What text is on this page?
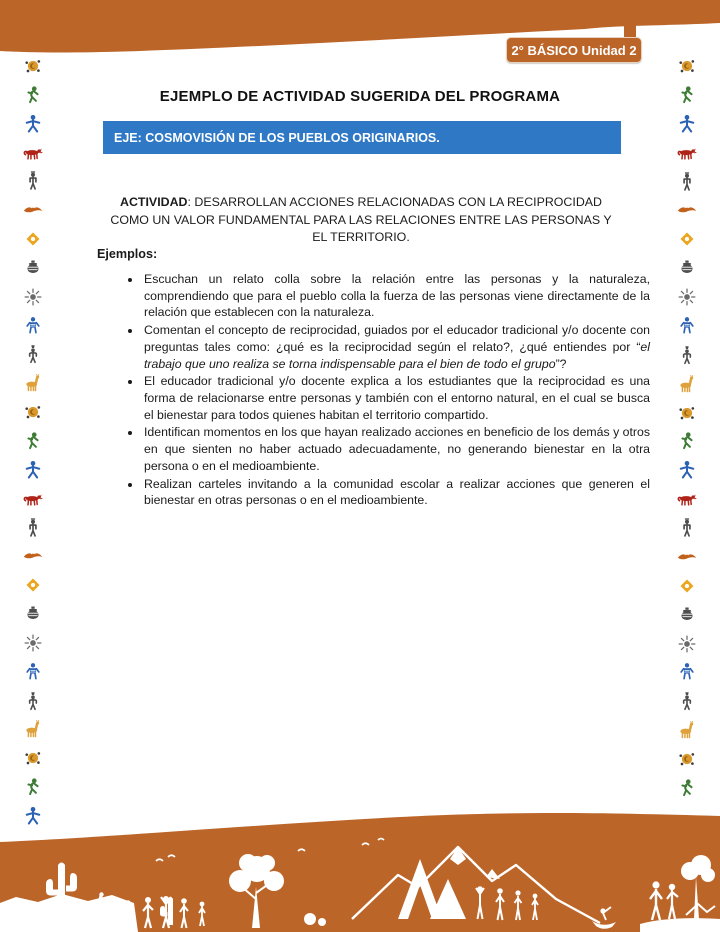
2° BÁSICO Unidad 2
EJEMPLO DE ACTIVIDAD SUGERIDA DEL PROGRAMA
EJE: COSMOVISIÓN DE LOS PUEBLOS ORIGINARIOS.
ACTIVIDAD: DESARROLLAN ACCIONES RELACIONADAS CON LA RECIPROCIDAD COMO UN VALOR FUNDAMENTAL PARA LAS RELACIONES ENTRE LAS PERSONAS Y EL TERRITORIO.
Ejemplos:
• Escuchan un relato colla sobre la relación entre las personas y la naturaleza, comprendiendo que para el pueblo colla la fuerza de las personas viene directamente de la relación que establecen con la naturaleza.
• Comentan el concepto de reciprocidad, guiados por el educador tradicional y/o docente con preguntas tales como: ¿qué es la reciprocidad según el relato?, ¿qué entiendes por “el trabajo que uno realiza se torna indispensable para el bien de todo el grupo”?
• El educador tradicional y/o docente explica a los estudiantes que la reciprocidad es una forma de relacionarse entre personas y también con el entorno natural, en el cual se busca el bienestar para todos quienes habitan el territorio compartido.
• Identifican momentos en los que hayan realizado acciones en beneficio de los demás y otros en que sienten no haber actuado adecuadamente, no generando bienestar en la otra persona o en el medioambiente.
• Realizan carteles invitando a la comunidad escolar a realizar acciones que generen el bienestar en otras personas o en el medioambiente.
